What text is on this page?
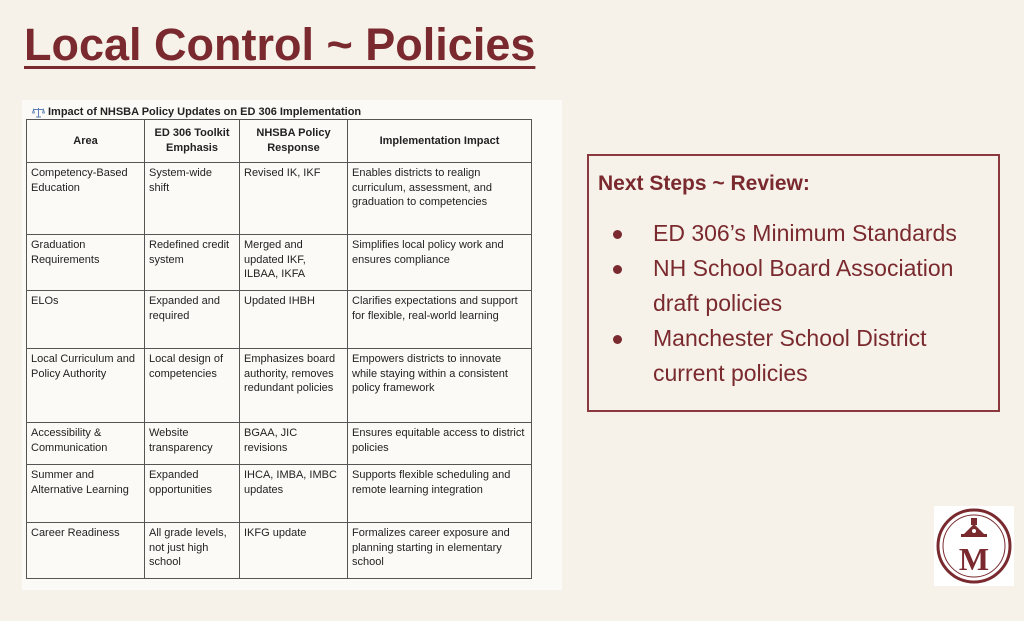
Local Control ~ Policies
Impact of NHSBA Policy Updates on ED 306 Implementation
Area	ED 306 Toolkit Emphasis	NHSBA Policy Response	Implementation Impact
Competency-Based Education	System-wide shift	Revised IK, IKF	Enables districts to realign curriculum, assessment, and graduation to competencies
Graduation Requirements	Redefined credit system	Merged and updated IKF, ILBAA, IKFA	Simplifies local policy work and ensures compliance
ELOs	Expanded and required	Updated IHBH	Clarifies expectations and support for flexible, real-world learning
Local Curriculum and Policy Authority	Local design of competencies	Emphasizes board authority, removes redundant policies	Empowers districts to innovate while staying within a consistent policy framework
Accessibility & Communication	Website transparency	BGAA, JIC revisions	Ensures equitable access to district policies
Summer and Alternative Learning	Expanded opportunities	IHCA, IMBA, IMBC updates	Supports flexible scheduling and remote learning integration
Career Readiness	All grade levels, not just high school	IKFG update	Formalizes career exposure and planning starting in elementary school
Next Steps ~ Review:
ED 306’s Minimum Standards
NH School Board Association draft policies
Manchester School District current policies
M
